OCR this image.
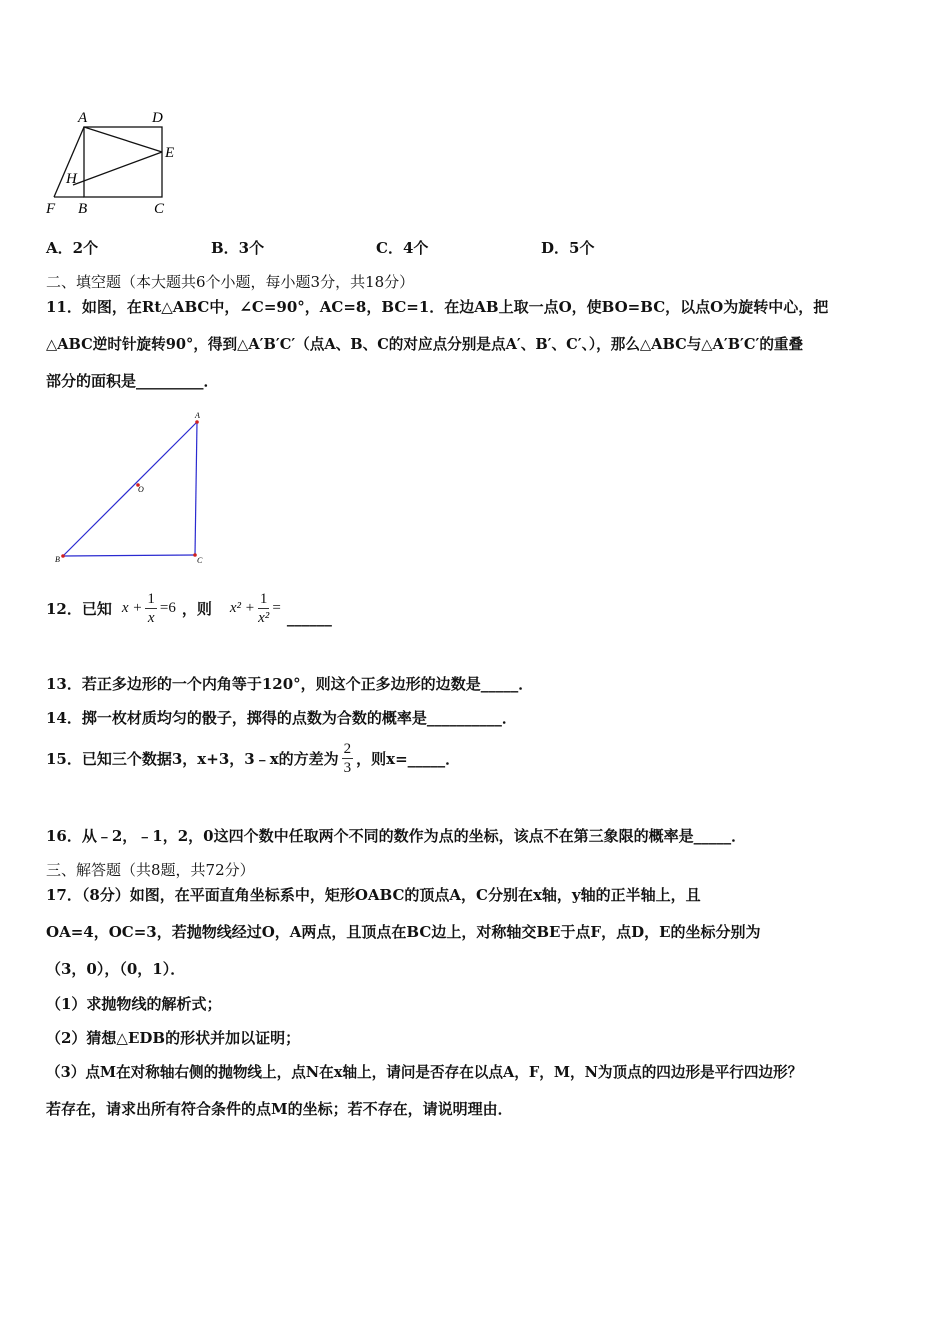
A	D
E
H
F B	C
A．2个	B．3个	C．4个	D．5个
二、填空题（本大题共6个小题，每小题3分，共18分）
11．如图，在Rt△ABC中，∠C=90°，AC=8，BC=1．在边AB上取一点O，使BO=BC，以点O为旋转中心，把
△ABC逆时针旋转90°，得到△A′B′C′（点A、B、C的对应点分别是点A′、B′、C′、），那么△ABC与△A′B′C′的重叠
部分的面积是_________．
A
O
B	C
12．已知 $x + \frac{1}{x} =6$ ，则 $x^2 + \frac{1}{\text{x²}}$ =
______
13．若正多边形的一个内角等于120°，则这个正多边形的边数是_____．
14．掷一枚材质均匀的骰子，掷得的点数为合数的概率是__________．
15．已知三个数据3，x+3，3﹣x的方差为 $\frac{2}{3}$ ，则x=_____．
16．从﹣2，﹣1，2，0这四个数中任取两个不同的数作为点的坐标，该点不在第三象限的概率是_____．
三、解答题（共8题，共72分）
17．（8分）如图，在平面直角坐标系中，矩形OABC的顶点A，C分别在x轴，y轴的正半轴上，且
OA=4，OC=3，若抛物线经过O，A两点，且顶点在BC边上，对称轴交BE于点F，点D，E的坐标分别为
（3，0），（0，1）．
（1）求抛物线的解析式；
（2）猜想△EDB的形状并加以证明；
（3）点M在对称轴右侧的抛物线上，点N在x轴上，请问是否存在以点A，F，M，N为顶点的四边形是平行四边形？
若存在，请求出所有符合条件的点M的坐标；若不存在，请说明理由．
